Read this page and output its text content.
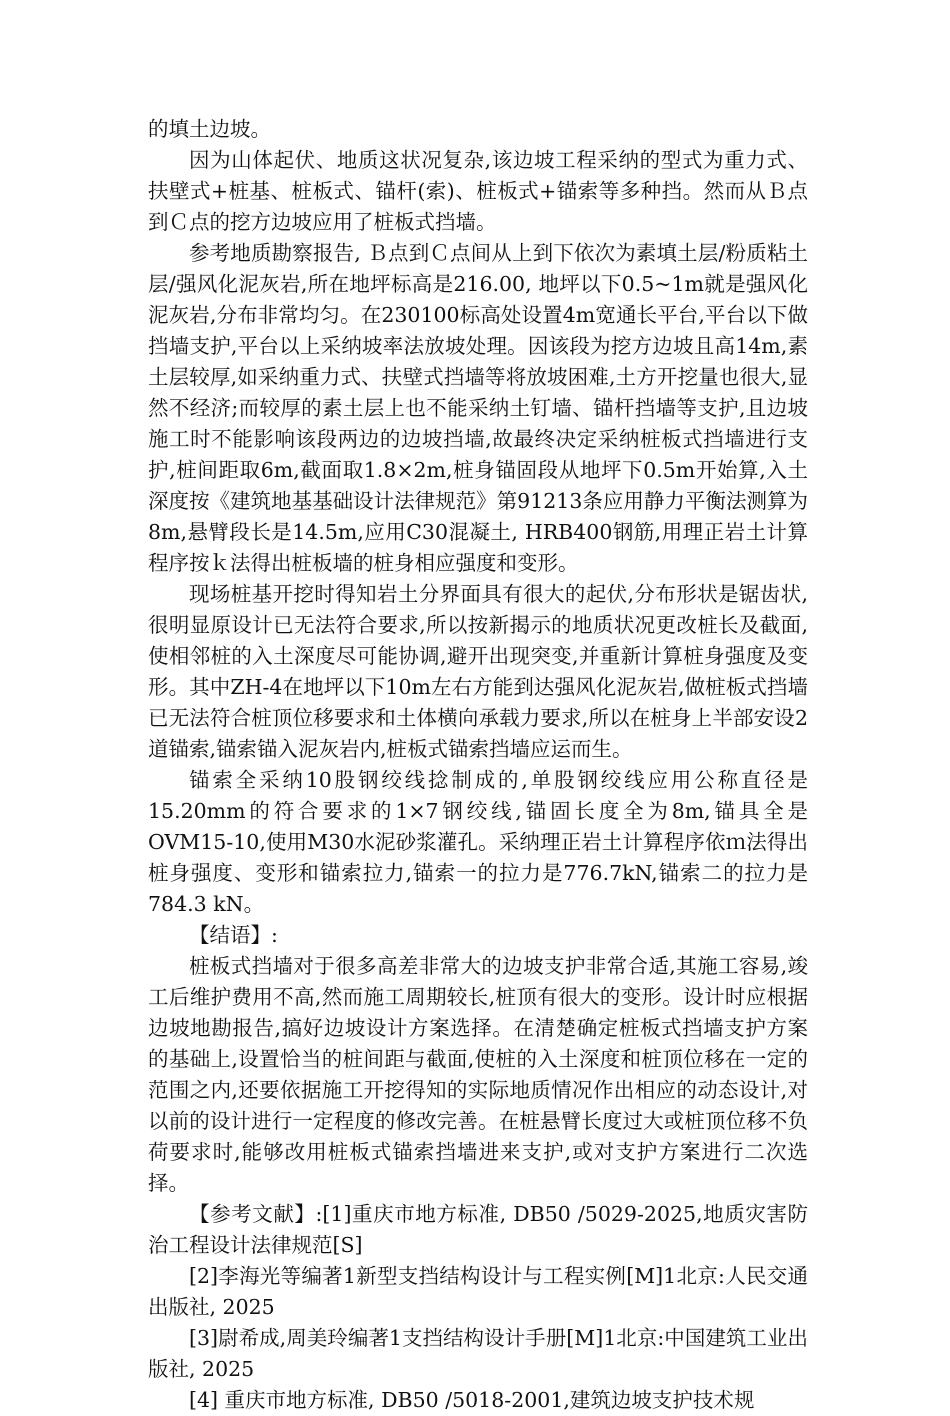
的填土边坡。

因为山体起伏、地质这状况复杂,该边坡工程采纳的型式为重力式、扶壁式+桩基、桩板式、锚杆(索)、桩板式+锚索等多种挡。然而从Ｂ点到Ｃ点的挖方边坡应用了桩板式挡墙。

参考地质勘察报告, Ｂ点到Ｃ点间从上到下依次为素填土层/粉质粘土层/强风化泥灰岩,所在地坪标高是216.00, 地坪以下0.5~1m就是强风化泥灰岩,分布非常均匀。在230100标高处设置4m宽通长平台,平台以下做挡墙支护,平台以上采纳坡率法放坡处理。因该段为挖方边坡且高14m,素土层较厚,如采纳重力式、扶壁式挡墙等将放坡困难,土方开挖量也很大,显然不经济;而较厚的素土层上也不能采纳土钉墙、锚杆挡墙等支护,且边坡施工时不能影响该段两边的边坡挡墙,故最终决定采纳桩板式挡墙进行支护,桩间距取6m,截面取1.8×2m,桩身锚固段从地坪下0.5m开始算,入土深度按《建筑地基基础设计法律规范》第91213条应用静力平衡法测算为8m,悬臂段长是14.5m,应用C30混凝土, HRB400钢筋,用理正岩土计算程序按ｋ法得出桩板墙的桩身相应强度和变形。

现场桩基开挖时得知岩土分界面具有很大的起伏,分布形状是锯齿状,很明显原设计已无法符合要求,所以按新揭示的地质状况更改桩长及截面,使相邻桩的入土深度尽可能协调,避开出现突变,并重新计算桩身强度及变形。其中ZH-4在地坪以下10m左右方能到达强风化泥灰岩,做桩板式挡墙已无法符合桩顶位移要求和土体横向承载力要求,所以在桩身上半部安设2道锚索,锚索锚入泥灰岩内,桩板式锚索挡墙应运而生。

锚索全采纳10股钢绞线捻制成的,单股钢绞线应用公称直径是15.20mm的符合要求的1×7钢绞线,锚固长度全为8m,锚具全是OVM15-10,使用M30水泥砂浆灌孔。采纳理正岩土计算程序依ｍ法得出桩身强度、变形和锚索拉力,锚索一的拉力是776.7kN,锚索二的拉力是784.3 kN。

【结语】:

桩板式挡墙对于很多高差非常大的边坡支护非常合适,其施工容易,竣工后维护费用不高,然而施工周期较长,桩顶有很大的变形。设计时应根据边坡地勘报告,搞好边坡设计方案选择。在清楚确定桩板式挡墙支护方案的基础上,设置恰当的桩间距与截面,使桩的入土深度和桩顶位移在一定的范围之内,还要依据施工开挖得知的实际地质情况作出相应的动态设计,对以前的设计进行一定程度的修改完善。在桩悬臂长度过大或桩顶位移不负荷要求时,能够改用桩板式锚索挡墙进来支护,或对支护方案进行二次选择。

【参考文献】:[1]重庆市地方标准, DB50 /5029-2025,地质灾害防治工程设计法律规范[S]

[2]李海光等编著1新型支挡结构设计与工程实例[M]1北京:人民交通出版社, 2025

[3]尉希成,周美玲编著1支挡结构设计手册[M]1北京:中国建筑工业出版社, 2025

[4] 重庆市地方标准, DB50 /5018-2001,建筑边坡支护技术规
